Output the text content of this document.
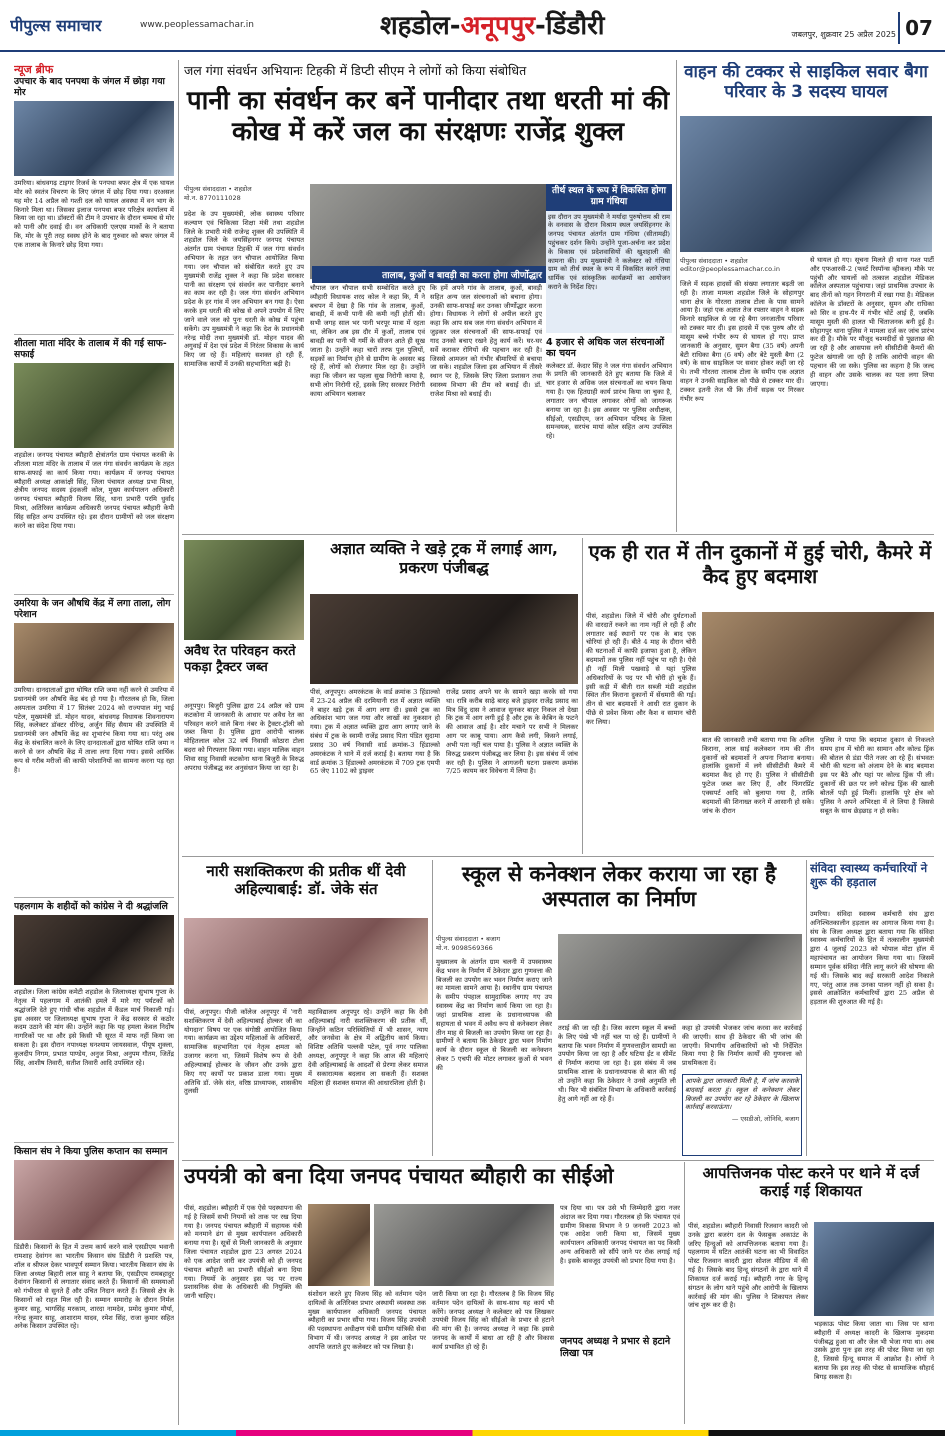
पीपुल्स समाचार	www.peoplessamachar.in	शहडोल-अनूपपुर-डिंडौरी	जबलपुर, शुक्रवार 25 अप्रैल 2025 07
न्यूज ब्रीफ
उपचार के बाद पनपथा के जंगल में छोड़ा गया मोर
उमरिया। बांधवगढ़ टाइगर रिजर्व के पनपथा बफर क्षेत्र में एक घायल मोर को स्वतंत्र विचरण के लिए जंगल में छोड़ दिया गया। दरअसल यह मोर 14 अप्रैल को गश्ती दल को घायल अवस्था में वन भाग के किनारे मिला था। जिसका इलाज पनपथा बफर परिक्षेत्र कार्यालय में किया जा रहा था। डॉक्टरों की टीम ने उपचार के दौरान चम्मच से मोर को पानी और दवाई दी। वन अधिकारी एलएस मार्को के ने बताया कि, मोर के पूरी तरह स्वस्थ होने के बाद गुरुवार को बफर जंगल में एक तालाब के किनारे छोड़ दिया गया।
शीतला माता मंदिर के तालाब में की गई साफ-सफाई
शहडोल। जनपद पंचायत ब्यौहारी क्षेत्रांतर्गत ग्राम पंचायत करकी के शीतला माता मंदिर के तालाब में जल गंगा संवर्धन कार्यक्रम के तहत साफ-सफाई का कार्य किया गया। कार्यक्रम में जनपद पंचायत ब्यौहारी अध्यक्ष आकांक्षी सिंह, जिला पंचायत अध्यक्ष प्रभा मिश्रा, क्षेत्रीय जनपद सदस्य इंदकली कोल, मुख्य कार्यपालन अधिकारी जनपद पंचायत ब्यौहारी विजय सिंह, थाना प्रभारी परमि धुर्वाद मिश्रा, अतिरिक्त कार्यक्रम अधिकारी जनपद पंचायत ब्यौहारी केपी सिंह सहित अन्य उपस्थित रहे। इस दौरान ग्रामीणों को जल संरक्षण करने का संदेश दिया गया।
उमरिया के जन औषधि केंद्र में लगा ताला, लोग परेशान
उमरिया। दानदाताओं द्वारा घोषित राशि जमा नहीं करने से उमरिया में प्रधानमंत्री जन औषधि केंद्र बंद हो गया है। गौरतलब हो कि, जिला अस्पताल उमरिया में 17 सितंबर 2024 को राज्यपाल मंगु भाई पटेल, मुख्यमंत्री डॉ. मोहन यादव, बांधवगढ़ विधायक शिवनारायण सिंह, कलेक्टर डॉक्टर धीरेन्द्र, अर्जुन सिंह सैयाम की उपस्थिति में प्रधानमंत्री जन औषधि केंद्र का शुभारंभ किया गया था। परंतु अब केंद्र के संचालित करने के लिए दानदाताओं द्वारा घोषित राशि जमा न करने से जन औषधि केंद्र में ताला लगा दिया गया। इससे आर्थिक रूप से गरीब मरीजों की काफी परेशानियों का सामना करना पड़ रहा है।
पहलगाम के शहीदों को कांग्रेस ने दी श्रद्धांजलि
शहडोल। जिला कांग्रेस कमेटी शहडोल के जिलाध्यक्ष सुभाष गुप्ता के नेतृत्व में पहलगाम में आतंकी हमले में मारे गए पर्यटकों को श्रद्धांजलि देते हुए गांधी चौक शहडोल में कैंडल मार्च निकाली गई। इस अवसर पर जिलाध्यक्ष सुभाष गुप्ता ने केंद्र सरकार से कठोर कदम उठाने की मांग की। उन्होंने कहा कि यह हमला केवल निर्दोष नागरिकों पर था और इसे किसी भी सूरत में माफ नहीं किया जा सकता है। इस दौरान नपाध्यक्ष घनश्याम जायसवाल, पीयूष शुक्ला, कुलदीप निगम, प्रभात पाण्डेय, अनुज मिश्रा, अनुपम गौतम, जितेंद्र सिंह, आशीष तिवारी, सतीश तिवारी आदि उपस्थित रहे।
किसान संघ ने किया पुलिस कप्तान का सम्मान
डिंडौरी। किसानों के हित में उत्तम कार्य करने वाले एसडीएम भवानी रामशाह देवांगन का भारतीय किसान संघ डिंडौरी ने प्रशस्ति पत्र, शॉल व श्रीफल देकर भावपूर्ण सम्मान किया। भारतीय किसान संघ के जिला अध्यक्ष बिहारी लाल साहू ने बताया कि, एसडीएम रामबहादुर देवांगन किसानों से लगातार संवाद करते हैं। किसानों की समस्याओं को गंभीरता से सुनते हैं और उचित निदान करते हैं। जिससे क्षेत्र के किसानों को राहत मिल रही है। सम्मान समारोह के दौरान निर्मल कुमार साहू, भागसिंह मरकाम, शारदा नामदेव, प्रमोद कुमार मौर्या, नरेन्द्र कुमार साहू, आशाराम यादव, रमेश सिंह, राजा कुमार सहित अनेक किसान उपस्थित रहे।
जल गंगा संवर्धन अभियानः टिहकी में डिप्टी सीएम ने लोगों को किया संबोधित
पानी का संवर्धन कर बनें पानीदार तथा धरती मां की कोख में करें जल का संरक्षणः राजेंद्र शुक्ल
पीपुल्स संवाददाता • शहडोल
मो.न. 8770111028
प्रदेश के उप मुख्यमंत्री, लोक स्वास्थ्य परिवार कल्याण एवं चिकित्सा शिक्षा मंत्री तथा शहडोल जिले के प्रभारी मंत्री राजेन्द्र शुक्ल की उपस्थिति में शहडोल जिले के जयसिंहनगर जनपद पंचायत अंतर्गत ग्राम पंचायत टिहकी में जल गंगा संवर्धन अभियान के तहत जन चौपाल आयोजित किया गया। जन चौपाल को संबोधित करते हुए उप मुख्यमंत्री राजेंद्र शुक्ल ने कहा कि प्रदेश सरकार पानी का संरक्षण एवं संवर्धन कर पानीदार बनाने का काम कर रही है। जल गंगा संवर्धन अभियान प्रदेश के हर गांव में जन अभियान बन गया है। ऐसा करके हम धरती की कोख से अपने उपयोग में लिए जाने वाले जल को पुनः धरती के कोख में पहुंचा सकेंगे। उप मुख्यमंत्री ने कहा कि देश के प्रधानमंत्री नरेन्द्र मोदी तथा मुख्यमंत्री डॉ. मोहन यादव की अगुवाई में देश एवं प्रदेश में निरंतर विकास के कार्य किए जा रहे हैं। महिलाएं सशक्त हो रही हैं, सामाजिक कार्यों में उनकी सहभागिता बढ़ी है।
तालाब, कुओं व बावड़ी का करना होगा जीर्णोद्धार
चौपाल जन चौपाल सभी सम्बोधित करते हुए व्यौहारी विधायक शरद कोल ने कहा कि, मैं ने बचपन में देखा है कि गांव के तालाब, कुओं, बावड़ी, में कभी पानी की कमी नहीं होती थी। सभी जगह साल भर पानी भरपूर मात्रा में रहता था, लेकिन अब इस दौर में कुओं, तालाब एवं बावड़ी का पानी भी गर्मी के सीजन आते ही सूख जाता है। उन्होंने कहा चारों तरफ पुल पुलियों, सड़कों का निर्माण होने से ग्रामीण के अवसर बढ़ रहे हैं, लोगों को रोजगार मिल रहा है। उन्होंने कहा कि जीवन का पहला सुख निरोगी काया है, सभी लोग निरोगी रहें, इसके लिए सरकार निरोगी काया अभियान चलाकर
कि हमें अपने गांव के तालाब, कुओं, बावड़ी सहित अन्य जल संरचनाओं को बचाना होगा। उनकी साफ-सफाई कर उनका जीर्णोद्धार करना होगा। विधायक ने लोगों से अपील करते हुए कहा कि आप सब जल गंगा संवर्धन अभियान में जुड़कर जल संरचनाओं की साफ-सफाई एवं गाद उनको बचाए रखने हेतु कार्य करें। घर-घर सर्वे कराकर रोगियों की पहचान कर रही है। जिससे आमजन को गंभीर बीमारियों से बचाया जा सके। शहडोल जिला इस अभियान में तीसरे स्थान पर है, जिसके लिए जिला प्रशासन तथा स्वास्थ्य विभाग की टीम को बधाई दी। डॉ. राजेश मिश्रा को बधाई दी।
तीर्थ स्थल के रूप में विकसित होगा ग्राम गंधिया
इस दौरान उप मुख्यमंत्री ने मर्यादा पुरुषोत्तम श्री राम के वनवास के दौरान विश्राम स्थल जयसिंहनगर के जनपद पंचायत अंतर्गत ग्राम गंधिया (सीतामढ़ी) पहुंचकर दर्शन किये। उन्होंने पूजा-अर्चना कर प्रदेश के विकास एवं प्रदेशवासियों की खुशहाली की कामना की। उप मुख्यमंत्री ने कलेक्टर को गंधिया ग्राम को तीर्थ स्थल के रूप में विकसित करने तथा धार्मिक एवं सांस्कृतिक कार्यक्रमों का आयोजन कराने के निर्देश दिए।
4 हजार से अधिक जल संरचनाओं का चयन
कलेक्टर डॉ. केदार सिंह ने जल गंगा संवर्धन अभियान के प्रगति की जानकारी देते हुए बताया कि जिले में चार हजार से अधिक जल संरचनाओं का चयन किया गया है। एक हितग्राही कार्य प्रारंभ किया जा चुका है, लगातार जन चौपाल लगाकर लोगों को जागरूक बनाया जा रहा है। इस अवसर पर पुलिस अधीक्षक, सीईओ, एसडीएम, जन अभियान परिषद के जिला समन्वयक, सरपंच मायां कोल सहित अन्य उपस्थित रहे।
वाहन की टक्कर से साइकिल सवार बैगा परिवार के 3 सदस्य घायल
पीपुल्स संवाददाता • शहडोल
editor@peoplessamachar.co.in
जिले में सड़क हादसों की संख्या लगातार बढ़ती जा रही है। ताजा मामला शहडोल जिले के सोहागपुर थाना क्षेत्र के गोरतरा तालाब टोला के पास सामने आया है। जहां एक अज्ञात तेज रफ्तार वाहन ने सड़क किनारे साइकिल से जा रहे बैगा जनजातीय परिवार को टक्कर मार दी। इस हादसे में एक पुरुष और दो मासूम बच्चे गंभीर रूप से घायल हो गए। प्राप्त जानकारी के अनुसार, सुमन बैगा (35 वर्ष) अपनी बेटी राधिका बैगा (6 वर्ष) और बेटे मुस्ती बैगा (2 वर्ष) के साथ साइकिल पर सवार होकर कहीं जा रहे थे। तभी गोरतरा तालाब टोला के समीप एक अज्ञात वाहन ने उनकी साइकिल को पीछे से टक्कर मार दी। टक्कर इतनी तेज थी कि तीनों सड़क पर गिरकर गंभीर रूप
से घायल हो गए। सूचना मिलते ही थाना गश्त पार्टी और एफआरवी-2 (फर्स्ट रिस्पॉन्स व्हीकल) मौके पर पहुंची और घायलों को तत्काल शहडोल मेडिकल कॉलेज अस्पताल पहुंचाया। जहां प्राथमिक उपचार के बाद तीनों को गहन निगरानी में रखा गया है। मेडिकल कॉलेज के डॉक्टरों के अनुसार, सुमन और राधिका को सिर व हाथ-पैर में गंभीर चोटें आई हैं, जबकि मासूम मुस्ती की हालत भी चिंताजनक बनी हुई है। सोहागपुर थाना पुलिस ने मामला दर्ज कर जांच प्रारंभ कर दी है। मौके पर मौजूद चश्मदीदों से पूछताछ की जा रही है और आसपास लगे सीसीटीवी कैमरों की फुटेज खंगाली जा रही है ताकि आरोपी वाहन की पहचान की जा सके। पुलिस का कहना है कि जल्द ही वाहन और उसके चालक का पता लगा लिया जाएगा।
अवैध रेत परिवहन करते पकड़ा ट्रैक्टर जब्त
अनूपपुर। बिजुरी पुलिस द्वारा 24 अप्रैल को ग्राम कटकोना में जानकारी के आधार पर अवैध रेत का परिवहन करने वाले बिना नंबर के ट्रैक्टर-ट्रॉली को जब्त किया है। पुलिस द्वारा आरोपी चालक मोहितलाल कोल 32 वर्ष निवासी कोठारा टोला बदरा को गिरफ्तार किया गया। वाहन मालिक वाहन शिवा साहू निवासी कटकोना थाना बिजुरी के विरुद्ध अपराध पंजीबद्ध कर अनुसंधान किया जा रहा है।
अज्ञात व्यक्ति ने खड़े ट्रक में लगाई आग, प्रकरण पंजीबद्ध
पीसं, अनूपपुर। अमरकंटक के वार्ड क्रमांक 3 हिंडाल्को में 23-24 अप्रैल की दरमियानी रात में अज्ञात व्यक्ति ने बाहर खड़े ट्रक में आग लगा दी। इससे ट्रक का अधिकांश भाग जल गया और लाखों का नुकसान हो गया। ट्रक में अज्ञात व्यक्ति द्वारा आग लगाए जाने के संबंध में ट्रक के स्वामी राजेंद्र प्रसाद पिता पंडित सुदामा प्रसाद 30 वर्ष निवासी वार्ड क्रमांक-3 हिंडाल्को अमरकंटक ने थाने में दर्ज कराई है। बताया गया है कि वार्ड क्रमांक 3 हिंडाल्को अमरकंटक में 709 ट्रक एमपी 65 जेए 1102 को ड्राइवर
राजेंद्र प्रसाद अपने घर के सामने खड़ा करके सो गया था। रात्रि करीब साढ़े बारह बजे ड्राइवर राजेंद्र प्रसाद का मित्र विंदु दास ने आवाज सुनकर बाहर निकल तो देखा कि ट्रक में आग लगी हुई है और ट्रक के केबिन के फटने की आवाज आई है। शोर मचाने पर सभी ने मिलकर आग पर काबू पाया। आग कैसे लगी, किसने लगाई, अभी पता नहीं चल पाया है। पुलिस ने अज्ञात व्यक्ति के विरुद्ध प्रकरण पंजीबद्ध कर लिया है। इस संबंध में जांच कर रही है। पुलिस ने आगजनी घटना प्रकरण क्रमांक 7/25 कायम कर विवेचना में लिया है।
एक ही रात में तीन दुकानों में हुई चोरी, कैमरे में कैद हुए बदमाश
पीसं, शहडोल। जिले में चोरी और दुर्घटनाओं की वारदातें रुकने का नाम नहीं ले रही हैं और लगातार कई स्थानों पर एक के बाद एक चोरियां हो रही हैं। बीते 4 माह के दौरान चोरी की घटनाओं में काफी इजाफा हुआ है, लेकिन बदमाशों तक पुलिस नहीं पहुंच पा रही है। ऐसे ही नहीं मिली पखवाड़े से यहां पुलिस अधिकारियों के पद पर भी चोरी हो चुके हैं। इसी कड़ी में बीती रात सब्जी मंडी शहडोल स्थित तीन किराना दुकानों में सेंधमारी की गई। तीन से चार बदमाशों ने आधी रात दुकान के पीछे से प्रवेश किया और कैश व सामान चोरी कर लिया।
बात की जानकारी तभी बताया गया कि अनिल किराना, लाल साई कलेक्शन नाम की तीन दुकानों को बदमाशों ने अपना निशाना बनाया। हालांकि दुकानों में लगे सीसीटीवी कैमरे में बदमाश कैद हो गए हैं। पुलिस ने सीसीटीवी फुटेज जब्त कर लिए हैं, और फिंगरप्रिंट एक्सपर्ट आदि को बुलाया गया है, ताकि बदमाशों की शिनाख्त करने में आसानी हो सके। जांच के दौरान
पुलिस ने पाया कि बदमाश दुकान से निकलते समय हाथ में चोरी का सामान और कोल्ड ड्रिंक की बोतल से डंडा पीते नजर आ रहे हैं। संभवतः चोरी की घटना को अंजाम देने के बाद बदमाश इस पर बैठे और यहां पर कोल्ड ड्रिंक पी ली। दुकानों की छत पर लगे कोल्ड ड्रिंक की खाली बोतलें पड़ी हुई मिलीं। हालांकि पूरे क्षेत्र को पुलिस ने अपने अभिरक्षा में ले लिया है जिससे सबूत के साथ छेड़छाड़ न हो सके।
नारी सशक्तिकरण की प्रतीक थीं देवी अहिल्याबाई: डॉ. जेके संत
पीसं, अनूपपुर। पीजी कॉलेज अनूपपुर में 'नारी सशक्तिकरण में देवी अहिल्याबाई होल्कर जी का योगदान' विषय पर एक संगोष्ठी आयोजित किया गया। कार्यक्रम का उद्देश्य महिलाओं के अधिकारों, सामाजिक सहभागिता एवं नेतृत्व क्षमता को उजागर करना था, जिसमें विशेष रूप से देवी अहिल्याबाई होल्कर के जीवन और उनके द्वारा किए गए कार्यों पर प्रकाश डाला गया। मुख्य अतिथि डॉ. जेके संत, वरिष्ठ प्राध्यापक, शासकीय तुलसी
महाविद्यालय अनूपपुर रहे। उन्होंने कहा कि देवी अहिल्याबाई नारी सशक्तिकरण की प्रतीक थीं, जिन्होंने कठिन परिस्थितियों में भी शासन, न्याय और जनसेवा के क्षेत्र में अद्वितीय कार्य किया। विशिष्ट अतिथि पल्लवी पटेल, पूर्व नगर पालिका अध्यक्ष, अनूपपुर ने कहा कि आज की महिलाएं देवी अहिल्याबाई के आदर्शों से प्रेरणा लेकर समाज में सकारात्मक बदलाव ला सकती हैं। सशक्त महिला ही सशक्त समाज की आधारशिला होती है।
स्कूल से कनेक्शन लेकर कराया जा रहा है अस्पताल का निर्माण
पीपुल्स संवाददाता • बजाग
मो.न. 9098569366
मुख्यालय के अंतर्गत ग्राम चलनी में उपस्वास्थ्य केंद्र भवन के निर्माण में ठेकेदार द्वारा गुणवत्ता की बिजली का उपयोग कर भवन निर्माण कराए जाने का मामला सामने आया है। स्थानीय ग्राम पंचायत के समीप पंपहाल सामुदायिक लगाए गए उप स्वास्थ्य केंद्र का निर्माण कार्य किया जा रहा है। जहां प्राथमिक शाला के प्रधानाध्यापक की सहायता से भवन में अवैध रूप से कनेक्शन लेकर तीन माह से बिजली का उपयोग किया जा रहा है। ग्रामीणों ने बताया कि ठेकेदार द्वारा भवन निर्माण कार्य के दौरान स्कूल से बिजली का कनेक्शन लेकर 5 एचपी की मोटर लगाकर कुओं से भवन की
तराई की जा रही है। जिस कारण स्कूल में बच्चों के लिए पंखे भी नहीं चल पा रहे हैं। ग्रामीणों ने बताया कि भवन निर्माण में गुणवत्ताहीन सामग्री का उपयोग किया जा रहा है और घटिया ईंट व सीमेंट से निर्माण कराया जा रहा है। इस संबंध में जब प्राथमिक शाला के प्रधानाध्यापक से बात की गई तो उन्होंने कहा कि ठेकेदार ने उनसे अनुमति ली थी। फिर भी संबंधित विभाग के अधिकारी कार्रवाई हेतु आगे नहीं आ रहे हैं।
कहा हो उपयंत्री भेजकर जांच करवा कर कार्रवाई की जाएगी। साथ ही ठेकेदार की भी जांच की जाएगी। विभागीय अधिकारियों को भी निर्देशित किया गया है कि निर्माण कार्यों की गुणवत्ता को प्राथमिकता दें।
आपके द्वारा जानकारी मिली है, मैं जांच करवाके बादवाई करता हूं। स्कूल से कनेक्शन लेकर बिजली का उपयोग कर रहे ठेकेदार के खिलाफ कार्रवाई करवाऊंगा।
— एसडीओ, लोनिवि, बजाग
संविदा स्वास्थ्य कर्मचारियों ने शुरू की हड़ताल
उमरिया। संविदा स्वास्थ्य कर्मचारी संघ द्वारा अनिश्चितकालीन हड़ताल का आगाज किया गया है। संघ के जिला अध्यक्ष द्वारा बताया गया कि संविदा स्वास्थ्य कर्मचारियों के हित में तत्कालीन मुख्यमंत्री द्वारा 4 जुलाई 2023 को भोपाल मोटा हॉल में महापंचायत का आयोजन किया गया था। जिसमें सम्मान पूर्वक संविदा नीति लागू करने की घोषणा की गई थी। जिसके बाद कई सरकारी आदेश निकाले गए, परंतु आज तक उनका पालन नहीं हो सका है। इससे आक्रोशित कर्मचारियों द्वारा 25 अप्रैल से हड़ताल की शुरुआत की गई है।
उपयंत्री को बना दिया जनपद पंचायत ब्यौहारी का सीईओ
पीसं, शहडोल। ब्यौहारी में एक ऐसे पदस्थापना की गई है जिसमें सभी नियमों को ताक पर रख दिया गया है। जनपद पंचायत ब्यौहारी में सहायक यंत्री को मनमाने ढंग से मुख्य कार्यपालन अधिकारी बनाया गया है। सूत्रों से मिली जानकारी के अनुसार जिला पंचायत शहडोल द्वारा 23 अगस्त 2024 को एक आदेश जारी कर उपयंत्री को ही जनपद पंचायत ब्यौहारी का प्रभारी सीईओ बना दिया गया। नियमों के अनुसार इस पद पर राज्य प्रशासनिक सेवा के अधिकारी की नियुक्ति की जानी चाहिए।	संशोधन करते हुए विजय सिंह को वर्तमान पदेन दायित्वों के अतिरिक्त प्रभार अस्थायी व्यवस्था तक मुख्य कार्यपालन अधिकारी जनपद पंचायत ब्यौहारी का प्रभार सौंपा गया। विजय सिंह उपयंत्री की पदस्थापना अधीक्षण यंत्री ग्रामीण यांत्रिकी सेवा विभाग में थी। जनपद अध्यक्ष ने इस आदेश पर आपत्ति जताते हुए कलेक्टर को पत्र लिखा है।
जारी किया जा रहा है। गौरतलब है कि विजय सिंह वर्तमान पदेन दायित्वों के साथ-साथ यह कार्य भी करेंगे। जनपद अध्यक्ष ने कलेक्टर को पत्र लिखकर उपयंत्री विजय सिंह को सीईओ के प्रभार से हटाने की मांग की है। जनपद अध्यक्ष ने कहा कि इससे जनपद के कार्यों में बाधा आ रही है और विकास कार्य प्रभावित हो रहे हैं।
पत्र दिया था। पत्र उसे भी जिम्मेदारी द्वारा नजर अंदाज कर दिया गया। गौरतलब हो कि पंचायत एवं ग्रामीण विकास विभाग ने 9 जनवरी 2023 को एक आदेश जारी किया था, जिसमें मुख्य कार्यपालन अधिकारी जनपद पंचायत का पद किसी अन्य अधिकारी को सौंपे जाने पर रोक लगाई गई है। इसके बावजूद उपयंत्री को प्रभार दिया गया है।
जनपद अध्यक्ष ने प्रभार से हटाने लिखा पत्र
आपत्तिजनक पोस्ट करने पर थाने में दर्ज कराई गई शिकायत
पीसं, शहडोल। ब्यौहारी निवासी रिजवान कादरी जो उनके द्वारा बजरंग दल के फेसबुक अकाउंट के जरिए हिन्दुओं को आपत्तिजनक बताया गया है। पहलगाम में घटित आतंकी घटना का भी विवादित पोस्ट रिजवान कादरी द्वारा सोशल मीडिया में की गई है। जिसके बाद हिन्दू संगठनों के द्वारा थाने में शिकायत दर्ज कराई गई। ब्यौहारी नगर के हिन्दू संगठन के लोग थाने पहुंचे और आरोपी के खिलाफ कार्रवाई की मांग की। पुलिस ने शिकायत लेकर जांच शुरू कर दी है।
भड़काऊ पोस्ट किया जाता था। जिस पर थाना ब्यौहारी में अध्यक्ष कादरी के खिलाफ मुकदमा पंजीबद्ध हुआ था और जेल भी भेजा गया था। अब उसके द्वारा पुनः इस तरह की पोस्ट किया जा रहा है, जिससे हिन्दू समाज में आक्रोश है। लोगों ने बताया कि इस तरह की पोस्ट से सामाजिक सौहार्द बिगड़ सकता है।
